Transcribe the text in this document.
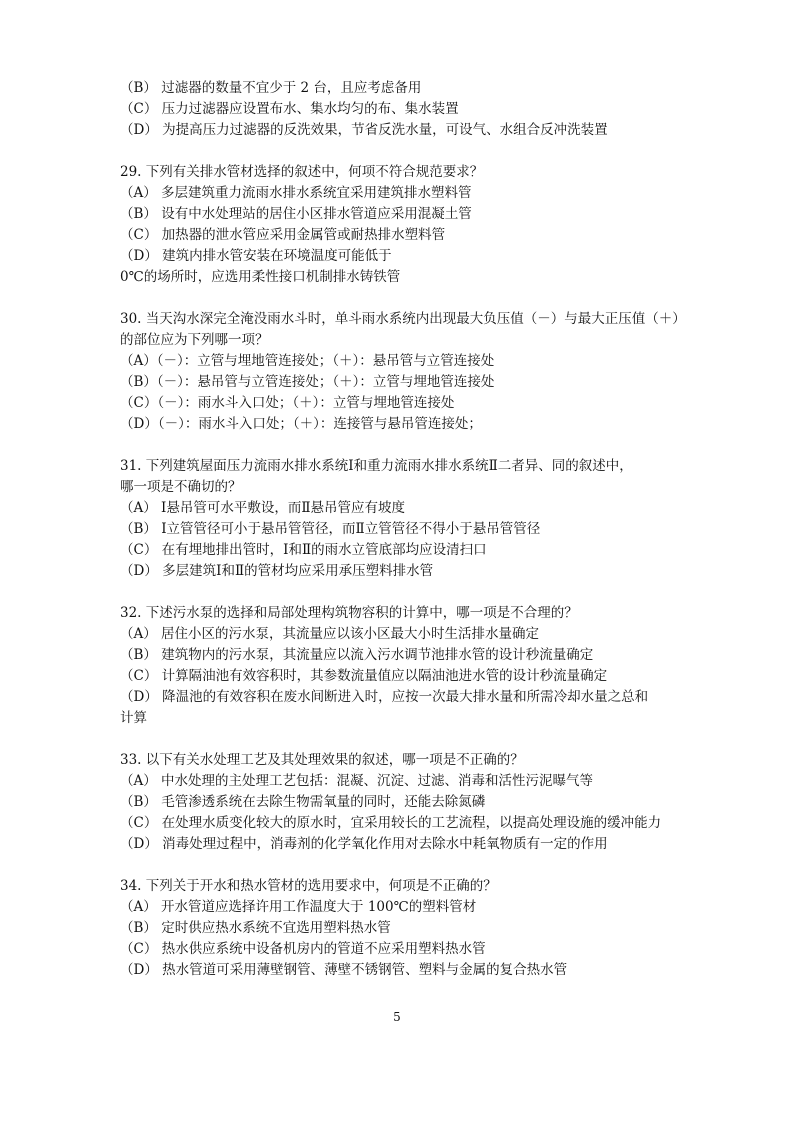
（B） 过滤器的数量不宜少于 2 台，且应考虑备用
（C） 压力过滤器应设置布水、集水均匀的布、集水装置
（D） 为提高压力过滤器的反洗效果，节省反洗水量，可设气、水组合反冲洗装置
29. 下列有关排水管材选择的叙述中，何项不符合规范要求？
（A） 多层建筑重力流雨水排水系统宜采用建筑排水塑料管
（B） 设有中水处理站的居住小区排水管道应采用混凝土管
（C） 加热器的泄水管应采用金属管或耐热排水塑料管
（D） 建筑内排水管安装在环境温度可能低于
0℃的场所时，应选用柔性接口机制排水铸铁管
30. 当天沟水深完全淹没雨水斗时，单斗雨水系统内出现最大负压值（－）与最大正压值（＋）
的部位应为下列哪一项？
（A）（－）：立管与埋地管连接处；（＋）：悬吊管与立管连接处
（B）（－）：悬吊管与立管连接处；（＋）：立管与埋地管连接处
（C）（－）：雨水斗入口处；（＋）：立管与埋地管连接处
（D）（－）：雨水斗入口处；（＋）：连接管与悬吊管连接处；
31. 下列建筑屋面压力流雨水排水系统Ⅰ和重力流雨水排水系统Ⅱ二者异、同的叙述中，
哪一项是不确切的？
（A） Ⅰ悬吊管可水平敷设，而Ⅱ悬吊管应有坡度
（B） Ⅰ立管管径可小于悬吊管管径，而Ⅱ立管管径不得小于悬吊管管径
（C） 在有埋地排出管时，Ⅰ和Ⅱ的雨水立管底部均应设清扫口
（D） 多层建筑Ⅰ和Ⅱ的管材均应采用承压塑料排水管
32. 下述污水泵的选择和局部处理构筑物容积的计算中，哪一项是不合理的？
（A） 居住小区的污水泵，其流量应以该小区最大小时生活排水量确定
（B） 建筑物内的污水泵，其流量应以流入污水调节池排水管的设计秒流量确定
（C） 计算隔油池有效容积时，其参数流量值应以隔油池进水管的设计秒流量确定
（D） 降温池的有效容积在废水间断进入时，应按一次最大排水量和所需冷却水量之总和
计算
33. 以下有关水处理工艺及其处理效果的叙述，哪一项是不正确的？
（A） 中水处理的主处理工艺包括：混凝、沉淀、过滤、消毒和活性污泥曝气等
（B） 毛管渗透系统在去除生物需氧量的同时，还能去除氮磷
（C） 在处理水质变化较大的原水时，宜采用较长的工艺流程，以提高处理设施的缓冲能力
（D） 消毒处理过程中，消毒剂的化学氧化作用对去除水中耗氧物质有一定的作用
34. 下列关于开水和热水管材的选用要求中，何项是不正确的？
（A） 开水管道应选择许用工作温度大于 100℃的塑料管材
（B） 定时供应热水系统不宜选用塑料热水管
（C） 热水供应系统中设备机房内的管道不应采用塑料热水管
（D） 热水管道可采用薄壁钢管、薄壁不锈钢管、塑料与金属的复合热水管
5
